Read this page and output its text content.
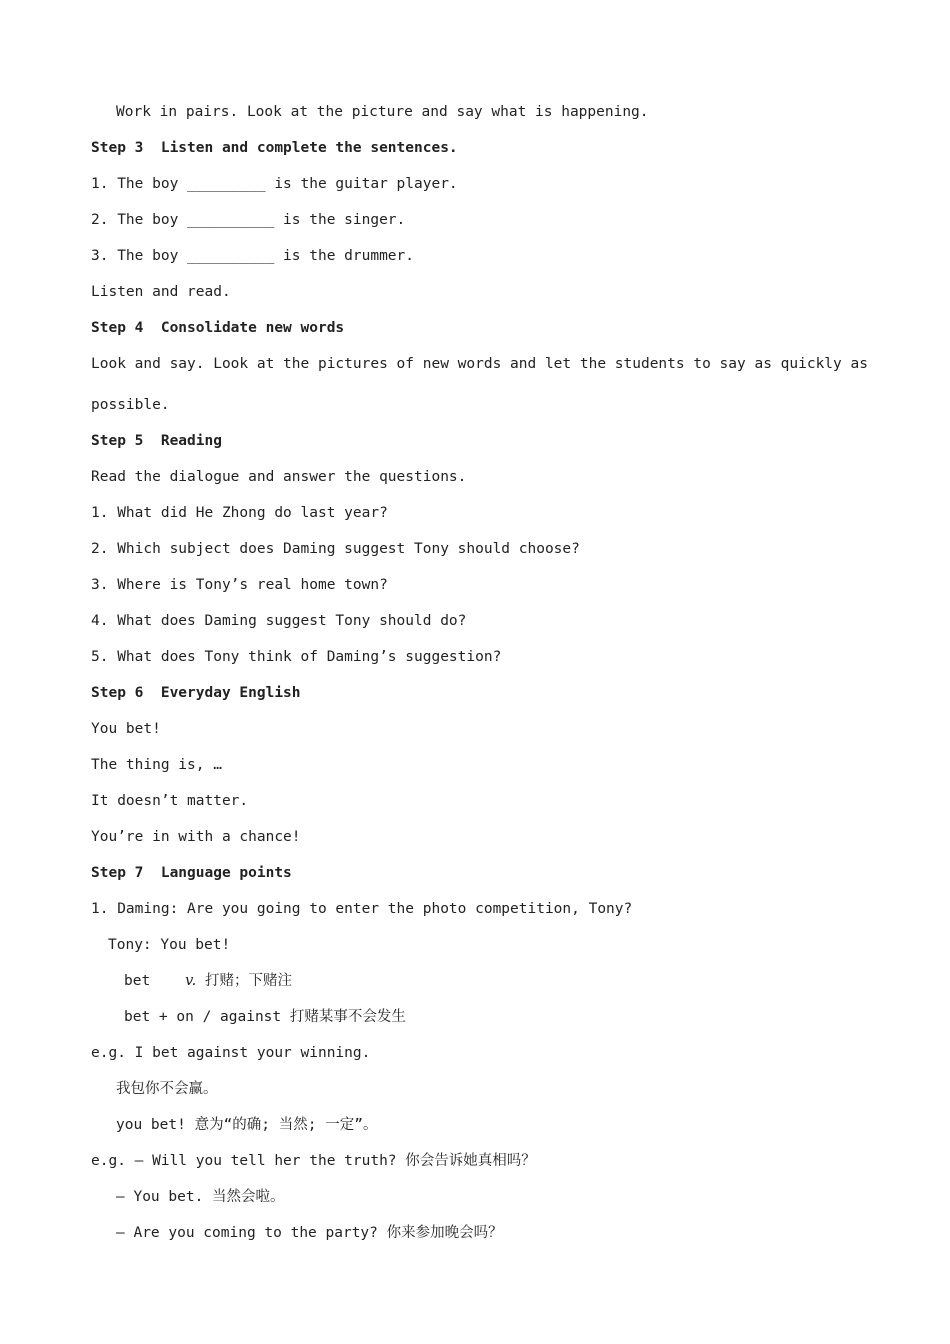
Work in pairs. Look at the picture and say what is happening.
Step 3  Listen and complete the sentences.
1. The boy _________ is the guitar player.
2. The boy __________ is the singer.
3. The boy __________ is the drummer.
Listen and read.
Step 4  Consolidate new words
Look and say. Look at the pictures of new words and let the students to say as quickly as
possible.
Step 5  Reading
Read the dialogue and answer the questions.
1. What did He Zhong do last year?
2. Which subject does Daming suggest Tony should choose?
3. Where is Tony’s real home town?
4. What does Daming suggest Tony should do?
5. What does Tony think of Daming’s suggestion?
Step 6  Everyday English
You bet!
The thing is, …
It doesn’t matter.
You’re in with a chance!
Step 7  Language points
1. Daming: Are you going to enter the photo competition, Tony?
Tony: You bet!
bet v. 打赌；下赌注
bet + on / against 打赌某事不会发生
e.g. I bet against your winning.
我包你不会赢。
you bet! 意为“的确; 当然; 一定”。
e.g. — Will you tell her the truth? 你会告诉她真相吗？
— You bet. 当然会啦。
— Are you coming to the party? 你来参加晚会吗？
